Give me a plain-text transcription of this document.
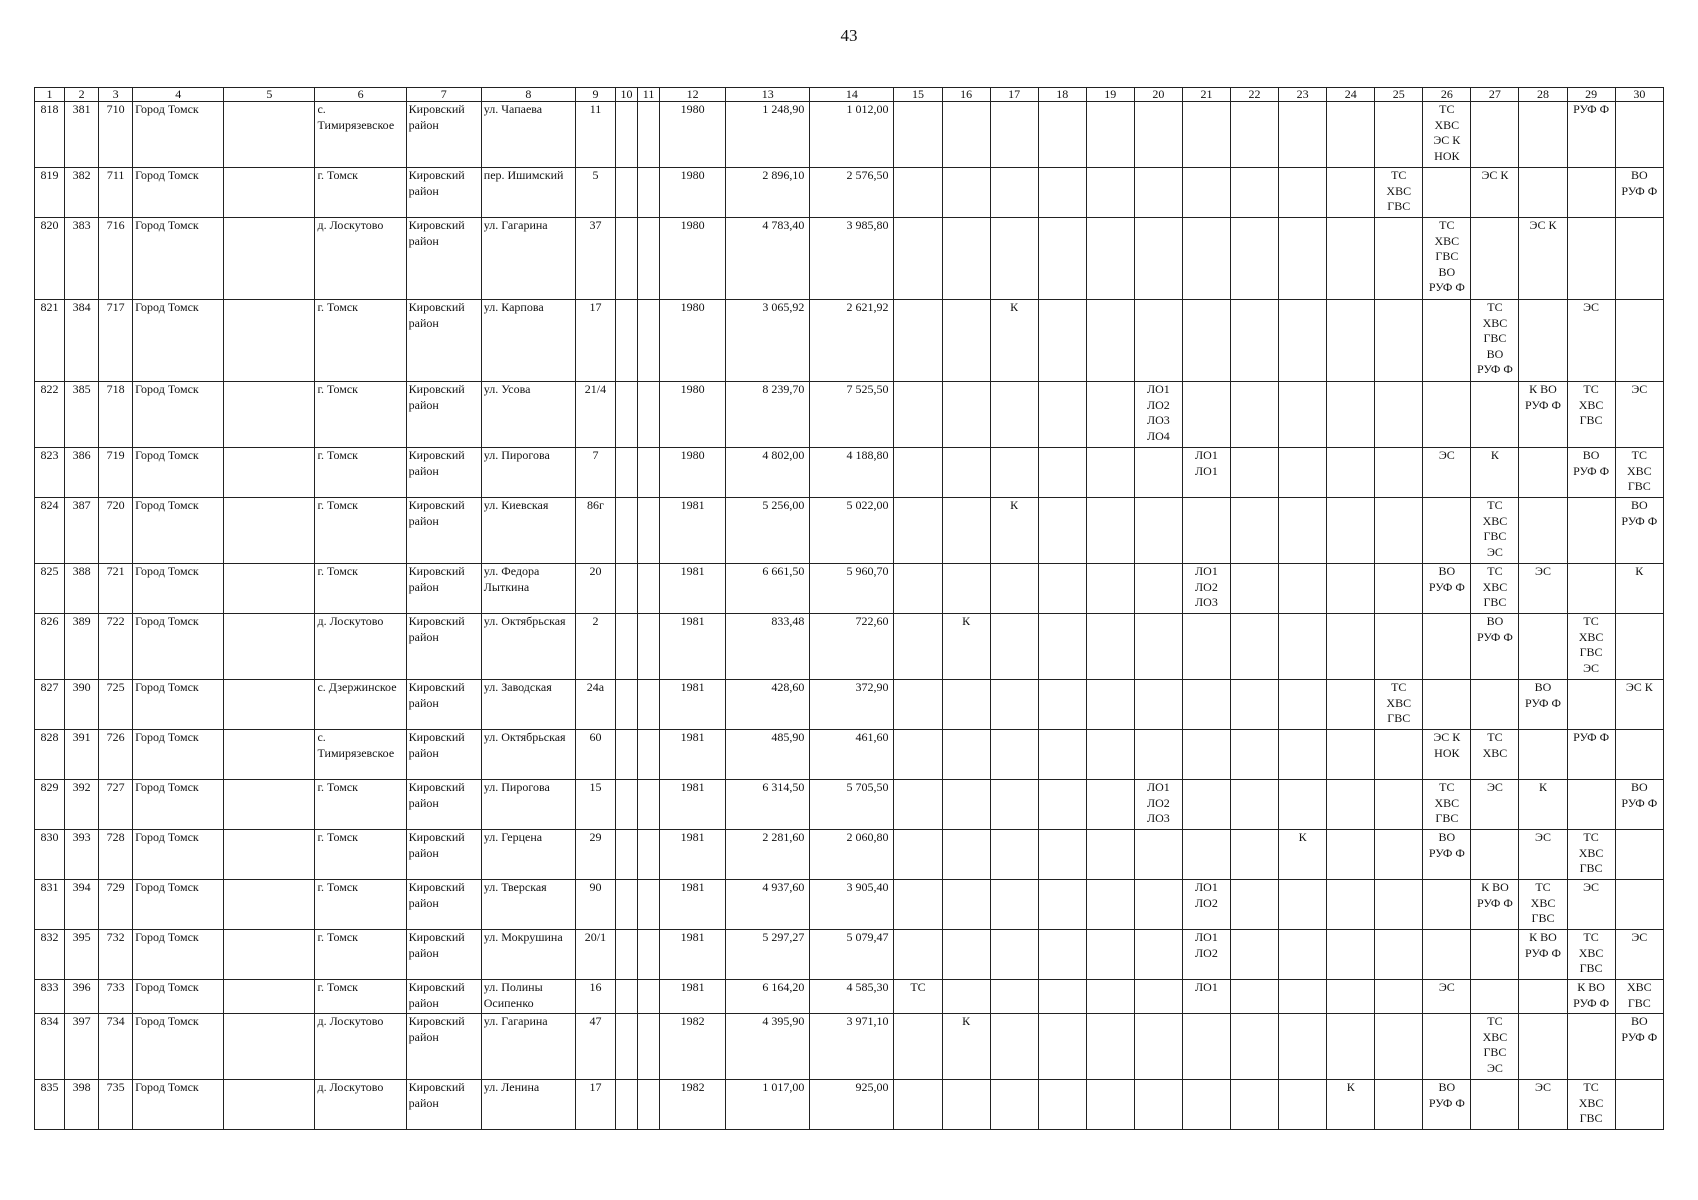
43
1	2	3	4	5	6	7	8	9	10	11	12	13	14	15	16	17	18	19	20	21	22	23	24	25	26	27	28	29	30
818	381	710	Город Томск		с.
Тимирязевское	Кировский район	ул. Чапаева	11			1980	1 248,90	1 012,00												ТС
ХВС
ЭС К
НОК			РУФ Ф	
819	382	711	Город Томск		г. Томск	Кировский район	пер. Ишимский	5			1980	2 896,10	2 576,50											ТС
ХВС
ГВС		ЭС К			ВО
РУФ Ф
820	383	716	Город Томск		д. Лоскутово	Кировский район	ул. Гагарина	37			1980	4 783,40	3 985,80												ТС
ХВС
ГВС
ВО
РУФ Ф		ЭС К		
821	384	717	Город Томск		г. Томск	Кировский район	ул. Карпова	17			1980	3 065,92	2 621,92			К										ТС
ХВС
ГВС
ВО
РУФ Ф		ЭС	
822	385	718	Город Томск		г. Томск	Кировский район	ул. Усова	21/4			1980	8 239,70	7 525,50						ЛО1
ЛО2
ЛО3
ЛО4								К ВО
РУФ Ф	ТС
ХВС
ГВС	ЭС
823	386	719	Город Томск		г. Томск	Кировский район	ул. Пирогова	7			1980	4 802,00	4 188,80							ЛО1
ЛО1					ЭС	К		ВО
РУФ Ф	ТС
ХВС
ГВС
824	387	720	Город Томск		г. Томск	Кировский район	ул. Киевская	86г			1981	5 256,00	5 022,00			К										ТС
ХВС
ГВС
ЭС			ВО
РУФ Ф
825	388	721	Город Томск		г. Томск	Кировский район	ул. Федора Лыткина	20			1981	6 661,50	5 960,70							ЛО1
ЛО2
ЛО3					ВО
РУФ Ф	ТС
ХВС
ГВС	ЭС		К
826	389	722	Город Томск		д. Лоскутово	Кировский район	ул. Октябрьская	2			1981	833,48	722,60		К											ВО
РУФ Ф		ТС
ХВС
ГВС
ЭС	
827	390	725	Город Томск		с. Дзержинское	Кировский район	ул. Заводская	24а			1981	428,60	372,90											ТС
ХВС
ГВС			ВО
РУФ Ф		ЭС К
828	391	726	Город Томск		с.
Тимирязевское	Кировский район	ул. Октябрьская	60			1981	485,90	461,60												ЭС К
НОК	ТС
ХВС		РУФ Ф	
829	392	727	Город Томск		г. Томск	Кировский район	ул. Пирогова	15			1981	6 314,50	5 705,50						ЛО1
ЛО2
ЛО3						ТС
ХВС
ГВС	ЭС	К		ВО
РУФ Ф
830	393	728	Город Томск		г. Томск	Кировский район	ул. Герцена	29			1981	2 281,60	2 060,80									К			ВО
РУФ Ф		ЭС	ТС
ХВС
ГВС	
831	394	729	Город Томск		г. Томск	Кировский район	ул. Тверская	90			1981	4 937,60	3 905,40							ЛО1
ЛО2						К ВО
РУФ Ф	ТС
ХВС
ГВС	ЭС	
832	395	732	Город Томск		г. Томск	Кировский район	ул. Мокрушина	20/1			1981	5 297,27	5 079,47							ЛО1
ЛО2							К ВО
РУФ Ф	ТС
ХВС
ГВС	ЭС
833	396	733	Город Томск		г. Томск	Кировский район	ул. Полины Осипенко	16			1981	6 164,20	4 585,30	ТС						ЛО1					ЭС			К ВО
РУФ Ф	ХВС
ГВС
834	397	734	Город Томск		д. Лоскутово	Кировский район	ул. Гагарина	47			1982	4 395,90	3 971,10		К											ТС
ХВС
ГВС
ЭС			ВО
РУФ Ф
835	398	735	Город Томск		д. Лоскутово	Кировский район	ул. Ленина	17			1982	1 017,00	925,00										К		ВО
РУФ Ф		ЭС	ТС
ХВС
ГВС	
